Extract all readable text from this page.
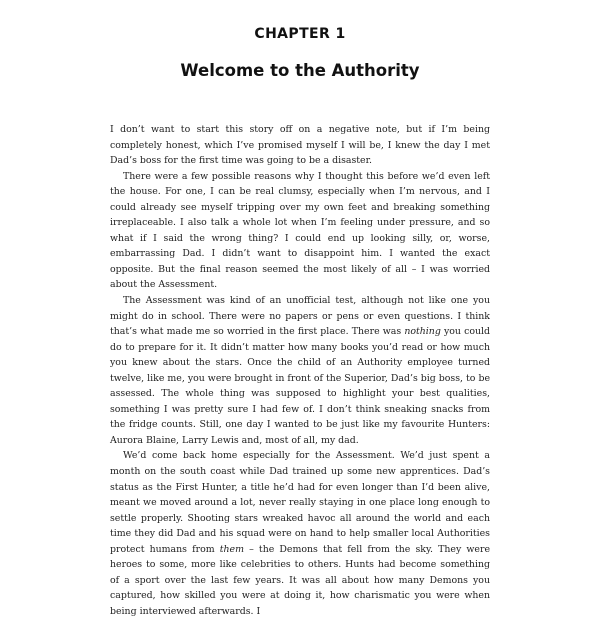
CHAPTER 1
Welcome to the Authority

I don’t want to start this story off on a negative note, but if I’m being completely honest, which I’ve promised myself I will be, I knew the day I met Dad’s boss for the first time was going to be a disaster.

There were a few possible reasons why I thought this before we’d even left the house. For one, I can be real clumsy, especially when I’m nervous, and I could already see myself tripping over my own feet and breaking something irreplaceable. I also talk a whole lot when I’m feeling under pressure, and so what if I said the wrong thing? I could end up looking silly, or, worse, embarrassing Dad. I didn’t want to disappoint him. I wanted the exact opposite. But the final reason seemed the most likely of all – I was worried about the Assessment.

The Assessment was kind of an unofficial test, although not like one you might do in school. There were no papers or pens or even questions. I think that’s what made me so worried in the first place. There was nothing you could do to prepare for it. It didn’t matter how many books you’d read or how much you knew about the stars. Once the child of an Authority employee turned twelve, like me, you were brought in front of the Superior, Dad’s big boss, to be assessed. The whole thing was supposed to highlight your best qualities, something I was pretty sure I had few of. I don’t think sneaking snacks from the fridge counts. Still, one day I wanted to be just like my favourite Hunters: Aurora Blaine, Larry Lewis and, most of all, my dad.

We’d come back home especially for the Assessment. We’d just spent a month on the south coast while Dad trained up some new apprentices. Dad’s status as the First Hunter, a title he’d had for even longer than I’d been alive, meant we moved around a lot, never really staying in one place long enough to settle properly. Shooting stars wreaked havoc all around the world and each time they did Dad and his squad were on hand to help smaller local Authorities protect humans from them – the Demons that fell from the sky. They were heroes to some, more like celebrities to others. Hunts had become something of a sport over the last few years. It was all about how many Demons you captured, how skilled you were at doing it, how charismatic you were when being interviewed afterwards. I
